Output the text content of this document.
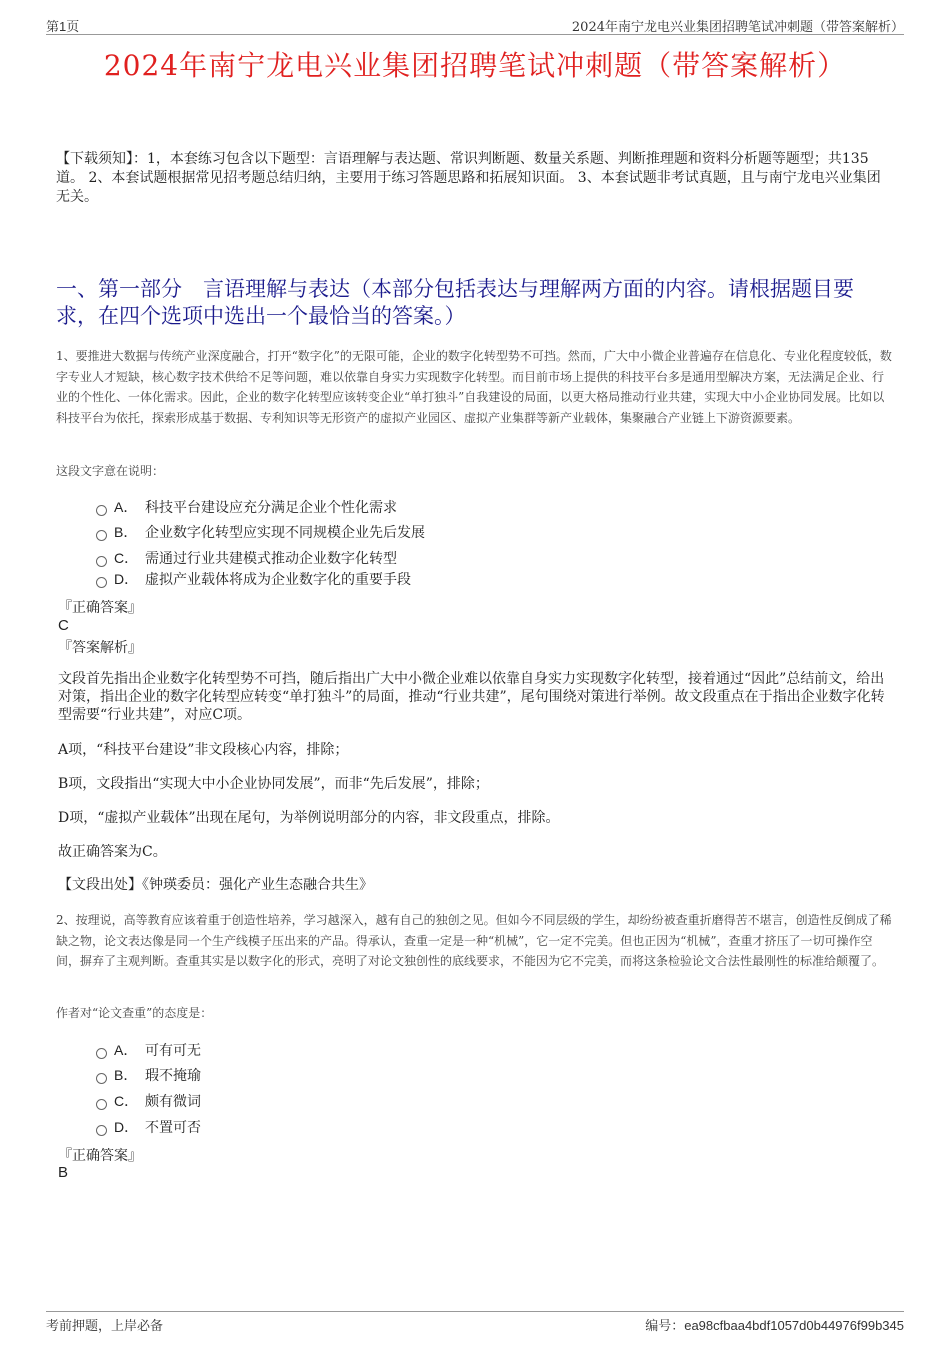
第1页	2024年南宁龙电兴业集团招聘笔试冲刺题（带答案解析）
2024年南宁龙电兴业集团招聘笔试冲刺题（带答案解析）
【下载须知】：1，本套练习包含以下题型：言语理解与表达题、常识判断题、数量关系题、判断推理题和资料分析题等题型；共135道。 2、本套试题根据常见招考题总结归纳，主要用于练习答题思路和拓展知识面。 3、本套试题非考试真题，且与南宁龙电兴业集团无关。
一、第一部分　言语理解与表达（本部分包括表达与理解两方面的内容。请根据题目要求，在四个选项中选出一个最恰当的答案。）
1、要推进大数据与传统产业深度融合，打开“数字化”的无限可能，企业的数字化转型势不可挡。然而，广大中小微企业普遍存在信息化、专业化程度较低，数字专业人才短缺，核心数字技术供给不足等问题，难以依靠自身实力实现数字化转型。而目前市场上提供的科技平台多是通用型解决方案，无法满足企业、行业的个性化、一体化需求。因此，企业的数字化转型应该转变企业“单打独斗”自我建设的局面，以更大格局推动行业共建，实现大中小企业协同发展。比如以科技平台为依托，探索形成基于数据、专利知识等无形资产的虚拟产业园区、虚拟产业集群等新产业载体，集聚融合产业链上下游资源要素。
这段文字意在说明：
A． 科技平台建设应充分满足企业个性化需求
B． 企业数字化转型应实现不同规模企业先后发展
C． 需通过行业共建模式推动企业数字化转型
D． 虚拟产业载体将成为企业数字化的重要手段
『正确答案』
C
『答案解析』
文段首先指出企业数字化转型势不可挡，随后指出广大中小微企业难以依靠自身实力实现数字化转型，接着通过“因此”总结前文，给出对策，指出企业的数字化转型应转变“单打独斗”的局面，推动“行业共建”，尾句围绕对策进行举例。故文段重点在于指出企业数字化转型需要“行业共建”，对应C项。
A项，“科技平台建设”非文段核心内容，排除；
B项，文段指出“实现大中小企业协同发展”，而非“先后发展”，排除；
D项，“虚拟产业载体”出现在尾句，为举例说明部分的内容，非文段重点，排除。
故正确答案为C。
【文段出处】《钟瑛委员：强化产业生态融合共生》
2、按理说，高等教育应该着重于创造性培养，学习越深入，越有自己的独创之见。但如今不同层级的学生，却纷纷被查重折磨得苦不堪言，创造性反倒成了稀缺之物，论文表达像是同一个生产线模子压出来的产品。得承认，查重一定是一种“机械”，它一定不完美。但也正因为“机械”，查重才挤压了一切可操作空间，摒弃了主观判断。查重其实是以数字化的形式，亮明了对论文独创性的底线要求，不能因为它不完美，而将这条检验论文合法性最刚性的标准给颠覆了。
作者对“论文查重”的态度是：
A． 可有可无
B． 瑕不掩瑜
C． 颇有微词
D． 不置可否
『正确答案』
B
考前押题，上岸必备	编号：ea98cfbaa4bdf1057d0b44976f99b345
